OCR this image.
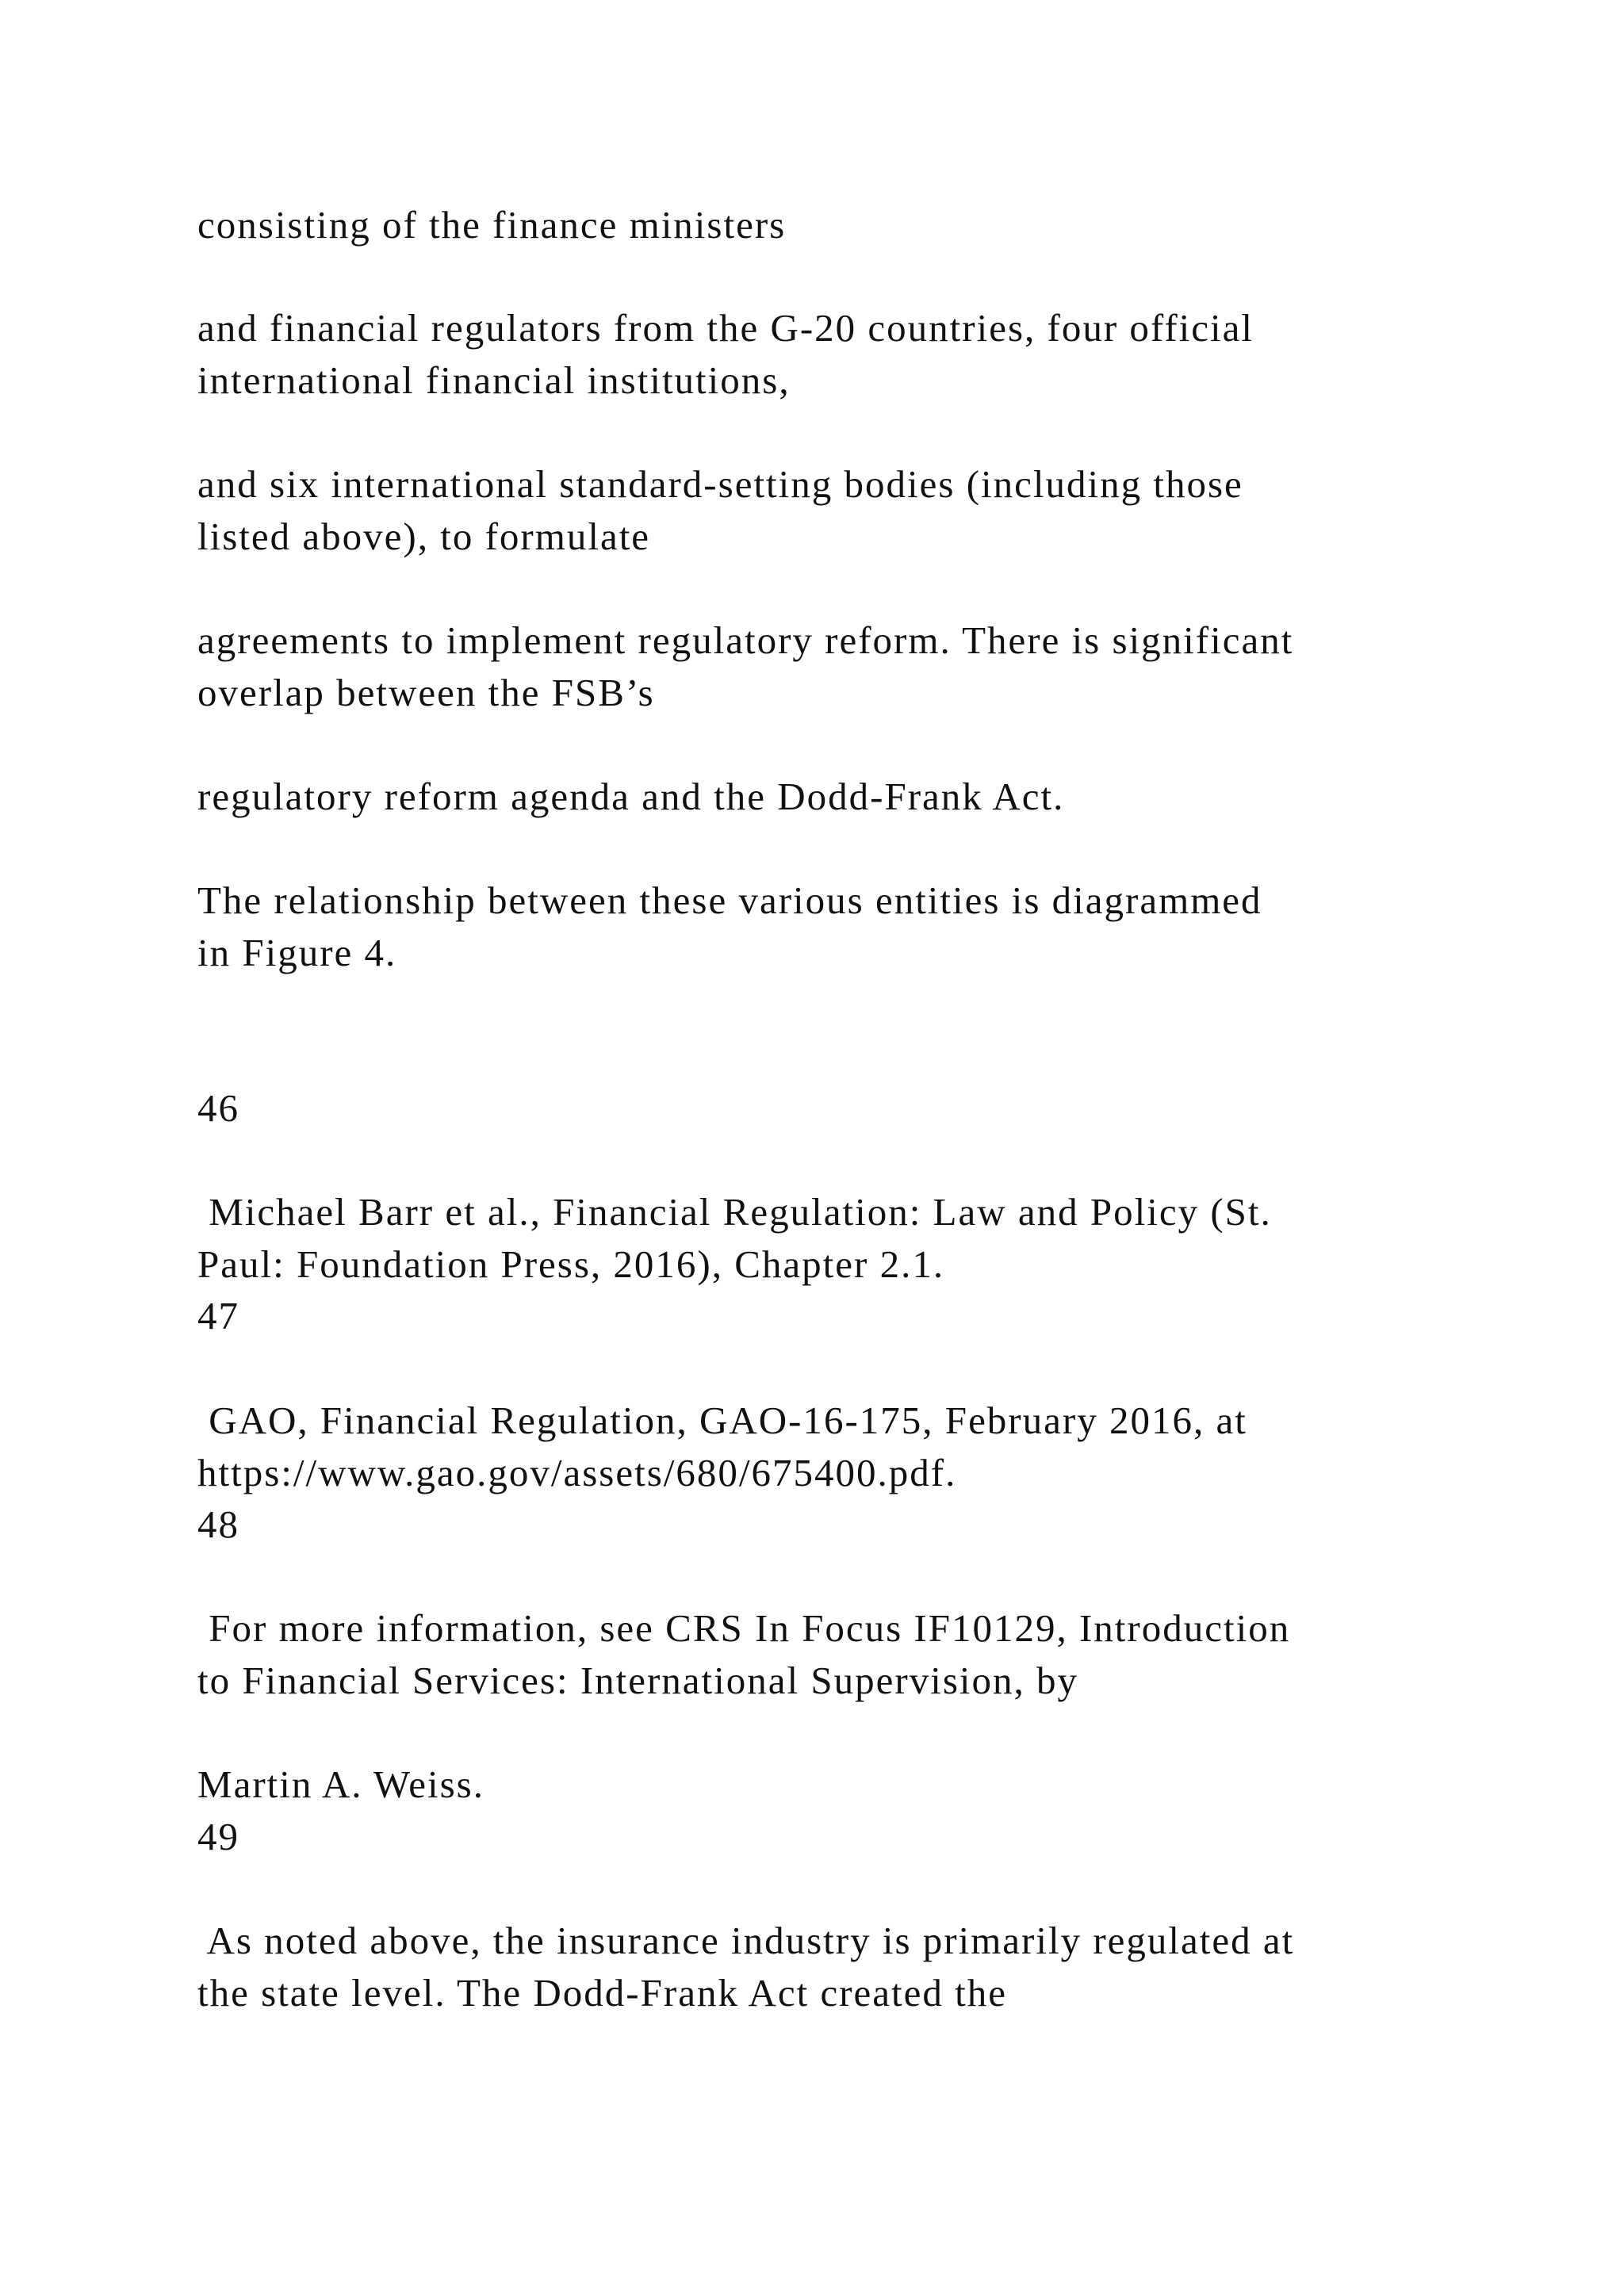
consisting of the finance ministers

and financial regulators from the G-20 countries, four official

international financial institutions,

and six international standard-setting bodies (including those

listed above), to formulate

agreements to implement regulatory reform. There is significant

overlap between the FSB’s

regulatory reform agenda and the Dodd-Frank Act.

The relationship between these various entities is diagrammed

in Figure 4.

46

Michael Barr et al., Financial Regulation: Law and Policy (St.

Paul: Foundation Press, 2016), Chapter 2.1.

47

GAO, Financial Regulation, GAO-16-175, February 2016, at

https://www.gao.gov/assets/680/675400.pdf.

48

For more information, see CRS In Focus IF10129, Introduction

to Financial Services: International Supervision, by

Martin A. Weiss.

49

As noted above, the insurance industry is primarily regulated at

the state level. The Dodd-Frank Act created the
